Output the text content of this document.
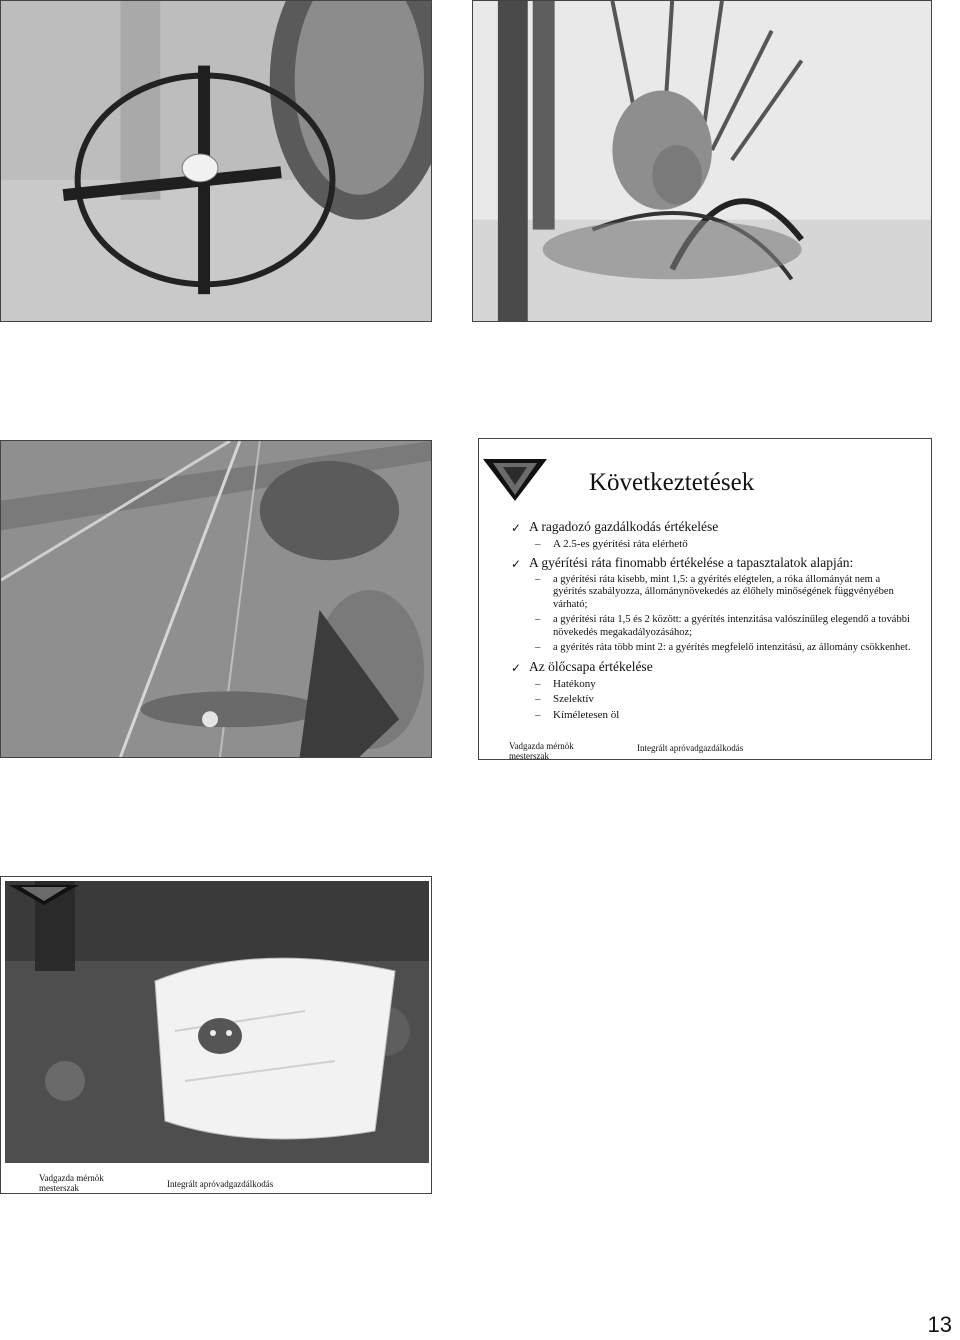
Következtetések
✓ A ragadozó gazdálkodás értékelése
– A 2.5-es gyérítési ráta elérhető
✓ A gyérítési ráta finomabb értékelése a tapasztalatok alapján:
– a gyérítési ráta kisebb, mint 1,5: a gyérítés elégtelen, a róka állományát nem a gyérítés szabályozza, állománynövekedés az élőhely minőségének függvényében várható;
– a gyérítési ráta 1,5 és 2 között: a gyérítés intenzitása valószínűleg elegendő a további növekedés megakadályozásához;
– a gyérítés ráta több mint 2: a gyérítés megfelelő intenzitású, az állomány csökkenhet.
✓ Az ölőcsapa értékelése
– Hatékony
– Szelektív
– Kíméletesen öl
Vadgazda mérnök
mesterszak
Integrált apróvadgazdálkodás
Vadgazda mérnök
mesterszak	Integrált apróvadgazdálkodás
13
